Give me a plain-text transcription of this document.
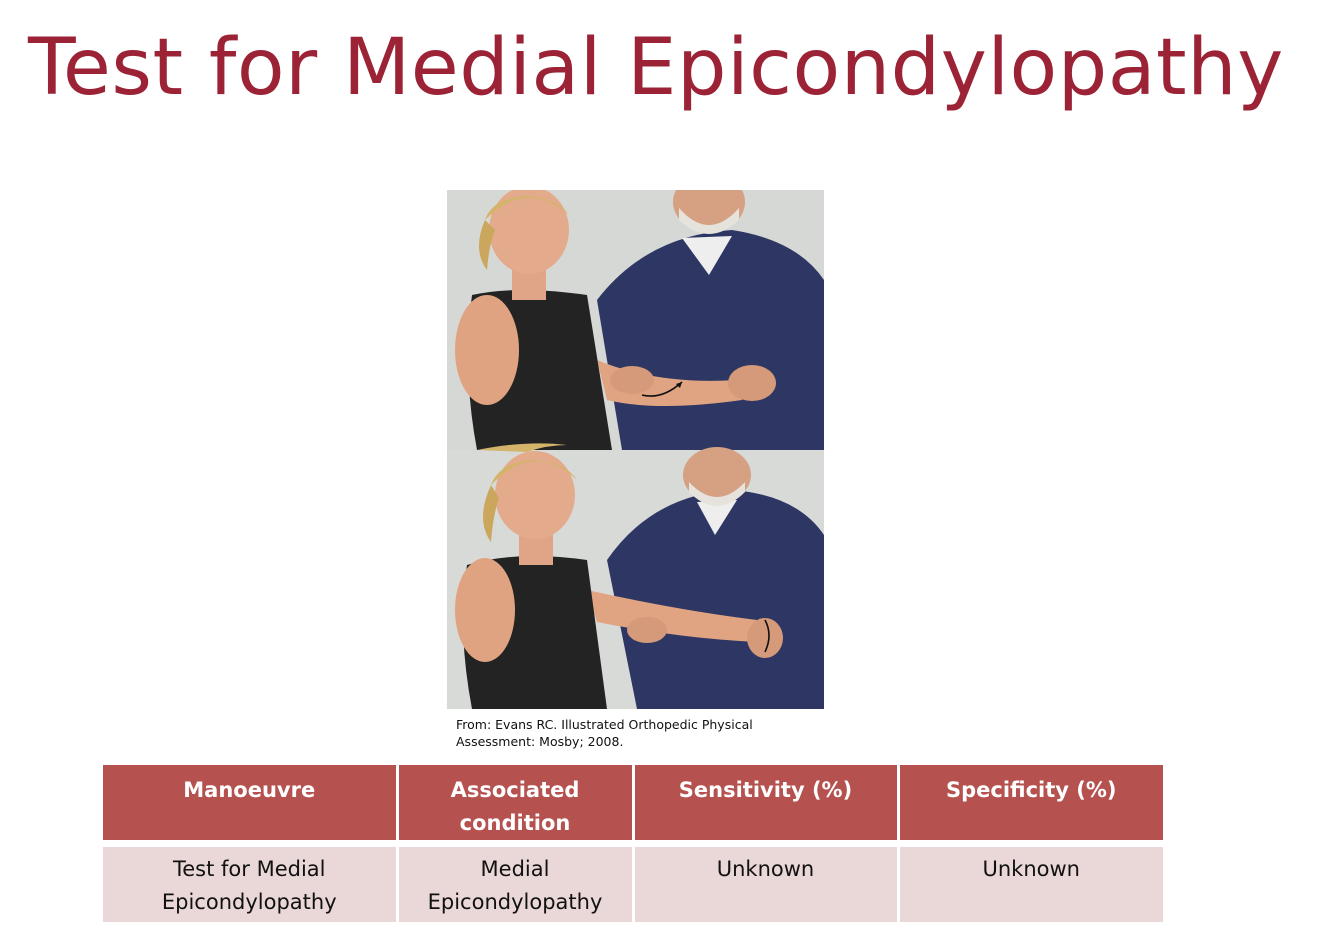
Test for Medial Epicondylopathy
From: Evans RC. Illustrated Orthopedic Physical
Assessment: Mosby; 2008.
Manoeuvre	Associated condition	Sensitivity (%)	Specificity (%)
Test for Medial Epicondylopathy	Medial Epicondylopathy	Unknown	Unknown
